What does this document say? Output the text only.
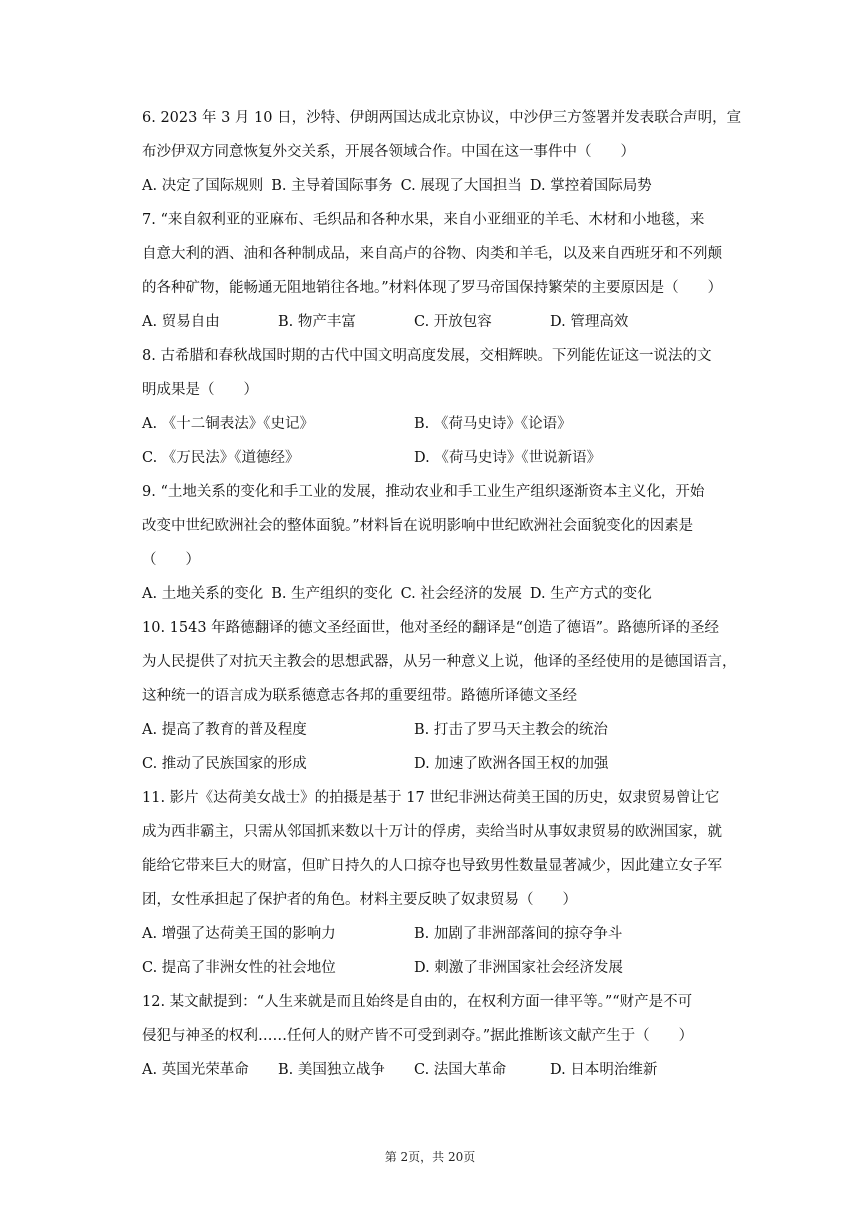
6. 2023 年 3 月 10 日，沙特、伊朗两国达成北京协议，中沙伊三方签署并发表联合声明，宣
布沙伊双方同意恢复外交关系，开展各领域合作。中国在这一事件中（　　）
A. 决定了国际规则 B. 主导着国际事务 C. 展现了大国担当 D. 掌控着国际局势
7. “来自叙利亚的亚麻布、毛织品和各种水果，来自小亚细亚的羊毛、木材和小地毯，来
自意大利的酒、油和各种制成品，来自高卢的谷物、肉类和羊毛，以及来自西班牙和不列颠
的各种矿物，能畅通无阻地销往各地。”材料体现了罗马帝国保持繁荣的主要原因是（　　）
A. 贸易自由	B. 物产丰富	C. 开放包容	D. 管理高效
8. 古希腊和春秋战国时期的古代中国文明高度发展，交相辉映。下列能佐证这一说法的文
明成果是（　　）
A. 《十二铜表法》《史记》	B. 《荷马史诗》《论语》
C. 《万民法》《道德经》	D. 《荷马史诗》《世说新语》
9. “土地关系的变化和手工业的发展，推动农业和手工业生产组织逐渐资本主义化，开始
改变中世纪欧洲社会的整体面貌。”材料旨在说明影响中世纪欧洲社会面貌变化的因素是
（　　）
A. 土地关系的变化 B. 生产组织的变化 C. 社会经济的发展 D. 生产方式的变化
10. 1543 年路德翻译的德文圣经面世，他对圣经的翻译是“创造了德语”。路德所译的圣经
为人民提供了对抗天主教会的思想武器，从另一种意义上说，他译的圣经使用的是德国语言，
这种统一的语言成为联系德意志各邦的重要纽带。路德所译德文圣经
A. 提高了教育的普及程度	B. 打击了罗马天主教会的统治
C. 推动了民族国家的形成	D. 加速了欧洲各国王权的加强
11. 影片《达荷美女战士》的拍摄是基于 17 世纪非洲达荷美王国的历史，奴隶贸易曾让它
成为西非霸主，只需从邻国抓来数以十万计的俘虏，卖给当时从事奴隶贸易的欧洲国家，就
能给它带来巨大的财富，但旷日持久的人口掠夺也导致男性数量显著减少，因此建立女子军
团，女性承担起了保护者的角色。材料主要反映了奴隶贸易（　　）
A. 增强了达荷美王国的影响力	B. 加剧了非洲部落间的掠夺争斗
C. 提高了非洲女性的社会地位	D. 刺激了非洲国家社会经济发展
12. 某文献提到：“人生来就是而且始终是自由的，在权利方面一律平等。”“财产是不可
侵犯与神圣的权利……任何人的财产皆不可受到剥夺。”据此推断该文献产生于（　　）
A. 英国光荣革命	B. 美国独立战争	C. 法国大革命	D. 日本明治维新
第 2页，共 20页
